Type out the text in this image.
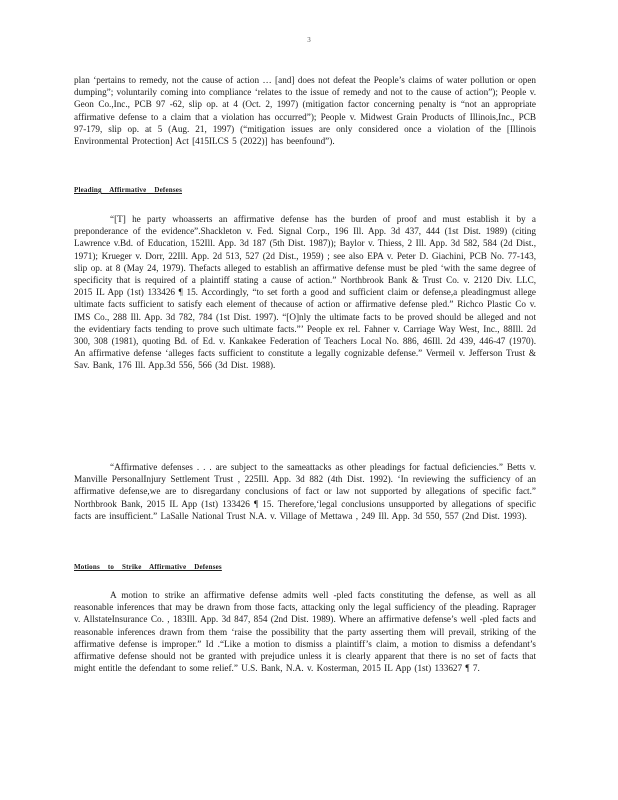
3
plan ‘pertains to remedy, not the cause of action … [and] does not defeat the People’s claims of water pollution or open dumping”; voluntarily coming into compliance ‘relates to the issue of remedy and not to the cause of action”); People v. Geon Co.,Inc., PCB 97 -62, slip op. at 4 (Oct. 2, 1997) (mitigation factor concerning penalty is “not an appropriate affirmative defense to a claim that a violation has occurred”); People v. Midwest Grain Products of Illinois,Inc., PCB 97-179, slip op. at 5 (Aug. 21, 1997) (“mitigation issues are only considered once a violation of the [Illinois Environmental Protection] Act [415ILCS 5 (2022)] has beenfound”).
Pleading Affirmative Defenses
“[T] he party whoasserts an affirmative defense has the burden of proof and must establish it by a preponderance of the evidence”.Shackleton v. Fed. Signal Corp., 196 Ill. App. 3d 437, 444 (1st Dist. 1989) (citing Lawrence v.Bd. of Education, 152Ill. App. 3d 187 (5th Dist. 1987)); Baylor v. Thiess, 2 Ill. App. 3d 582, 584 (2d Dist., 1971); Krueger v. Dorr, 22Ill. App. 2d 513, 527 (2d Dist., 1959) ; see also EPA v. Peter D. Giachini, PCB No. 77-143, slip op. at 8 (May 24, 1979). Thefacts alleged to establish an affirmative defense must be pled ‘with the same degree of specificity that is required of a plaintiff stating a cause of action.” Northbrook Bank & Trust Co. v. 2120 Div. LLC, 2015 IL App (1st) 133426 ¶ 15. Accordingly, “to set forth a good and sufficient claim or defense,a pleadingmust allege ultimate facts sufficient to satisfy each element of thecause of action or affirmative defense pled.” Richco Plastic Co v. IMS Co., 288 Ill. App. 3d 782, 784 (1st Dist. 1997). “[O]nly the ultimate facts to be proved should be alleged and not the evidentiary facts tending to prove such ultimate facts.”’ People ex rel. Fahner v. Carriage Way West, Inc., 88Ill. 2d 300, 308 (1981), quoting Bd. of Ed. v. Kankakee Federation of Teachers Local No. 886, 46Ill. 2d 439, 446-47 (1970). An affirmative defense ‘alleges facts sufficient to constitute a legally cognizable defense.” Vermeil v. Jefferson Trust & Sav. Bank, 176 Ill. App.3d 556, 566 (3d Dist. 1988).
“Affirmative defenses . . . are subject to the sameattacks as other pleadings for factual deficiencies.” Betts v. Manville PersonalInjury Settlement Trust , 225Ill. App. 3d 882 (4th Dist. 1992). ‘In reviewing the sufficiency of an affirmative defense,we are to disregardany conclusions of fact or law not supported by allegations of specific fact.” Northbrook Bank, 2015 IL App (1st) 133426 ¶ 15. Therefore,‘legal conclusions unsupported by allegations of specific facts are insufficient.” LaSalle National Trust N.A. v. Village of Mettawa , 249 Ill. App. 3d 550, 557 (2nd Dist. 1993).
Motions to Strike Affirmative Defenses
A motion to strike an affirmative defense admits well -pled facts constituting the defense, as well as all reasonable inferences that may be drawn from those facts, attacking only the legal sufficiency of the pleading. Raprager v. AllstateInsurance Co. , 183Ill. App. 3d 847, 854 (2nd Dist. 1989). Where an affirmative defense’s well -pled facts and reasonable inferences drawn from them ‘raise the possibility that the party asserting them will prevail, striking of the affirmative defense is improper.” Id .“Like a motion to dismiss a plaintiff’s claim, a motion to dismiss a defendant’s affirmative defense should not be granted with prejudice unless it is clearly apparent that there is no set of facts that might entitle the defendant to some relief.” U.S. Bank, N.A. v. Kosterman, 2015 IL App (1st) 133627 ¶ 7.
